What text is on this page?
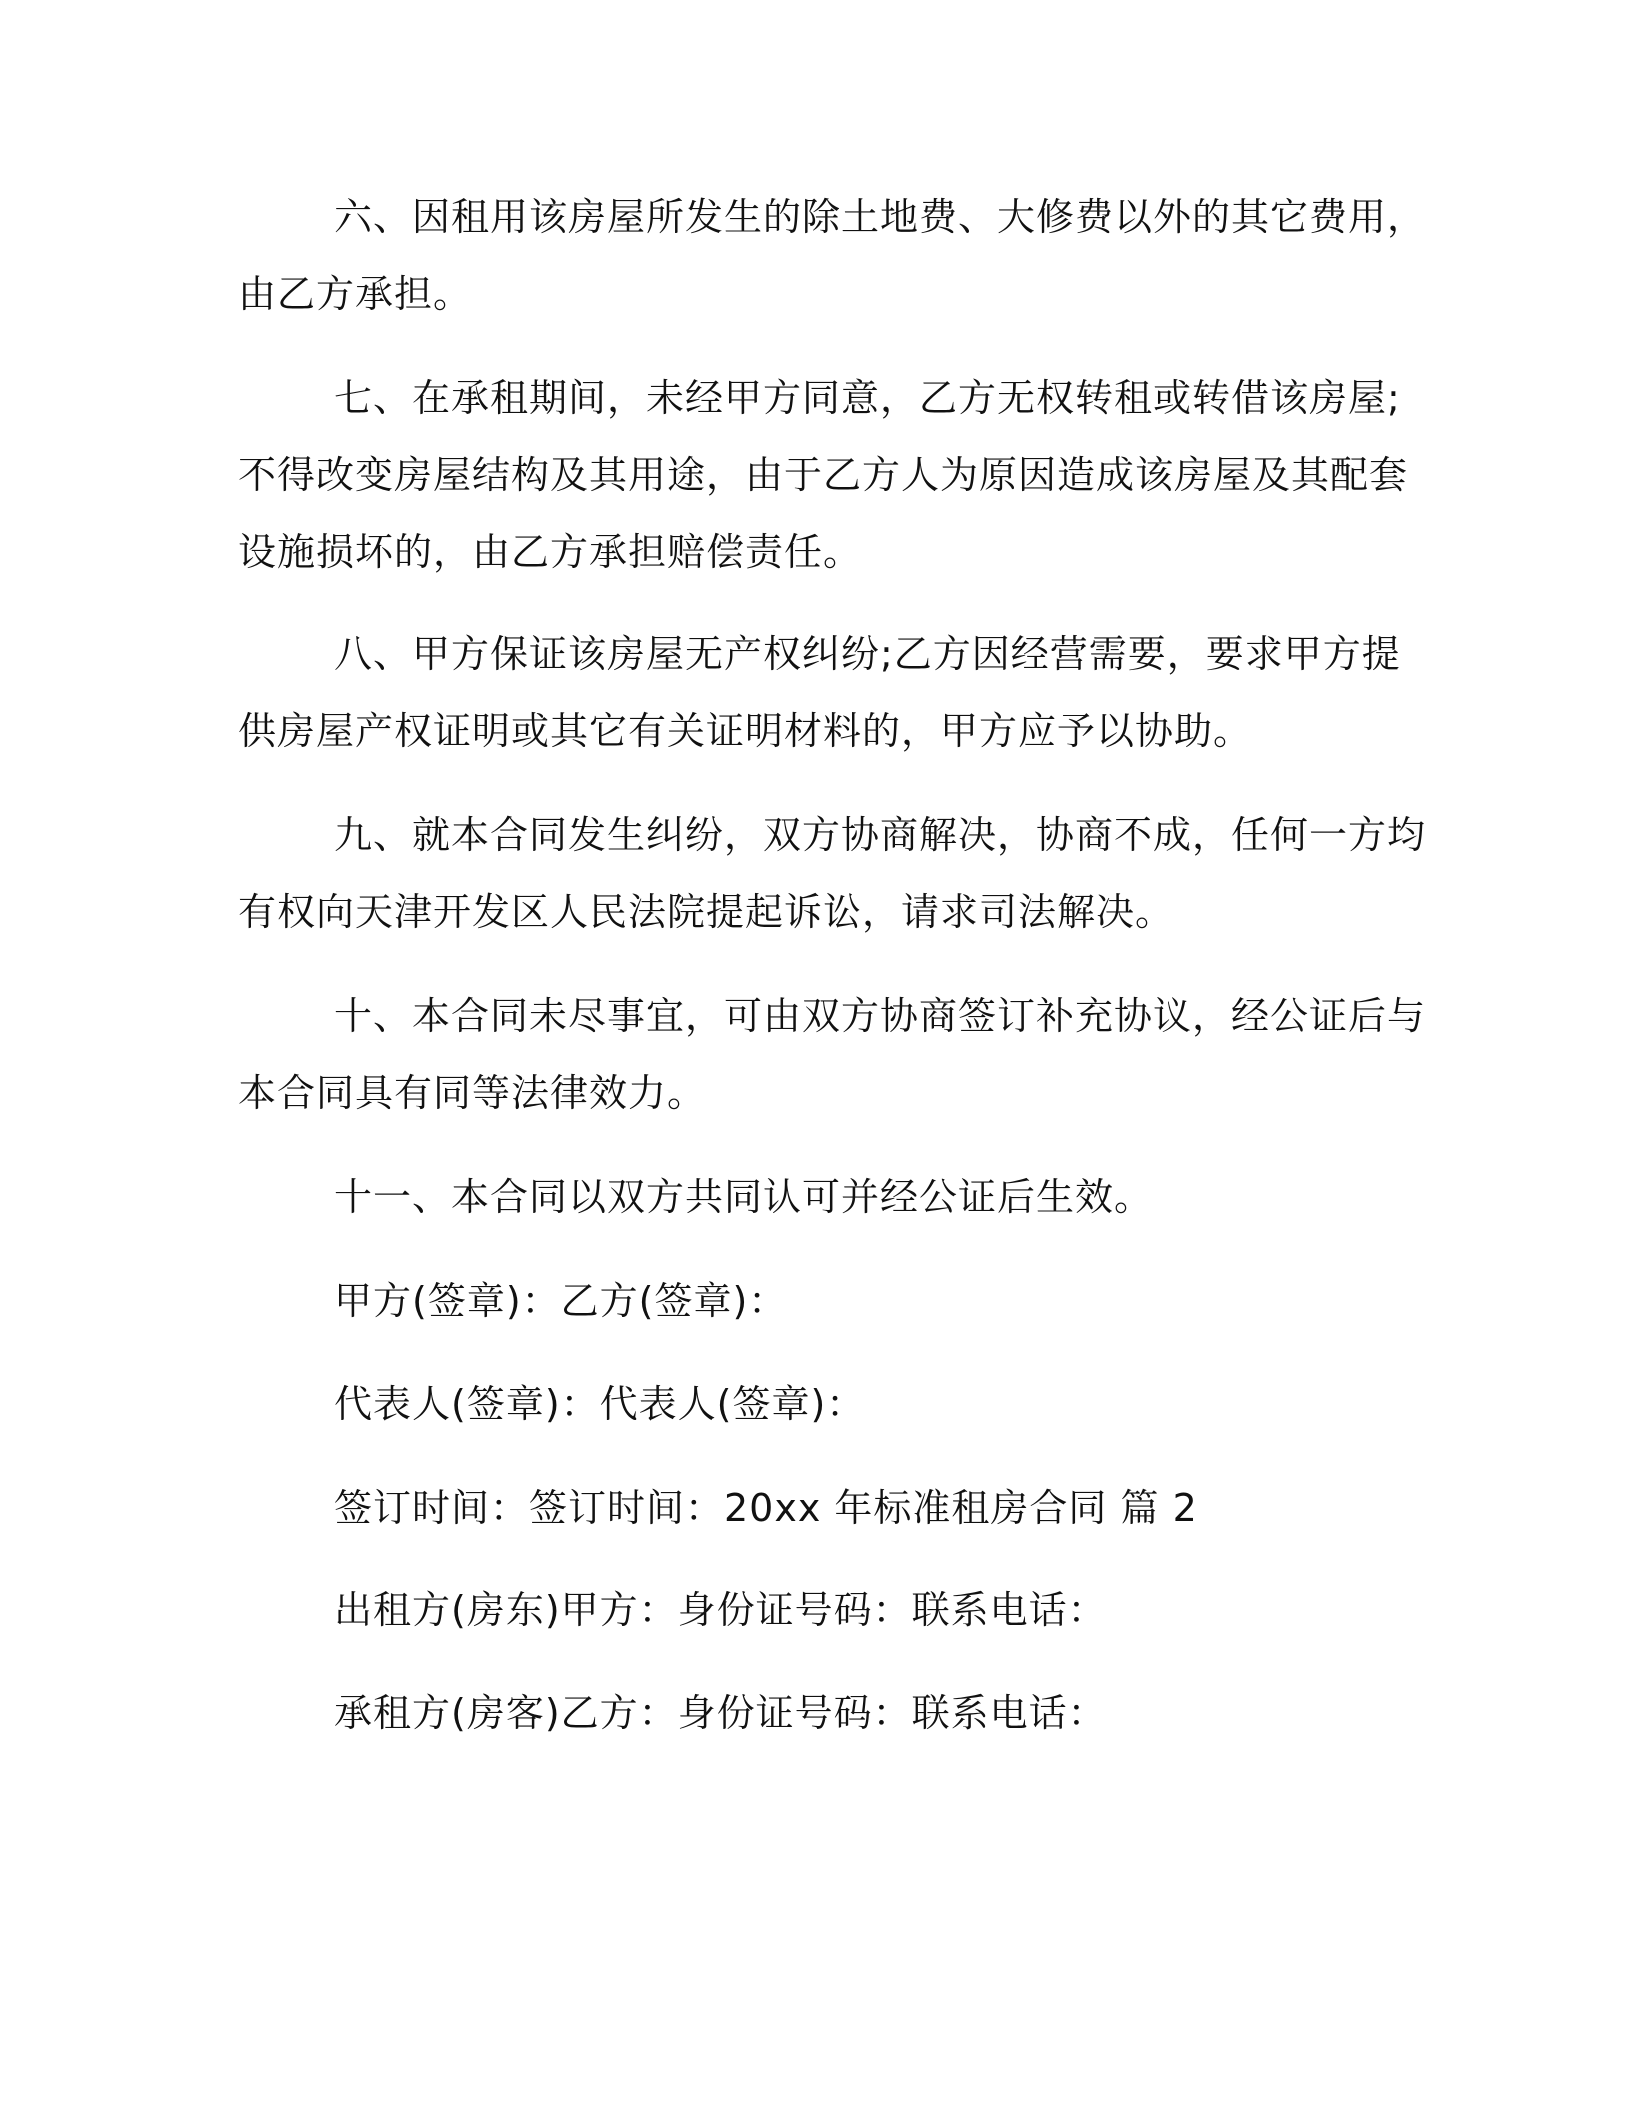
六、因租用该房屋所发生的除土地费、大修费以外的其它费用，

由乙方承担。

七、在承租期间，未经甲方同意，乙方无权转租或转借该房屋;

不得改变房屋结构及其用途，由于乙方人为原因造成该房屋及其配套

设施损坏的，由乙方承担赔偿责任。

八、甲方保证该房屋无产权纠纷;乙方因经营需要，要求甲方提

供房屋产权证明或其它有关证明材料的，甲方应予以协助。

九、就本合同发生纠纷，双方协商解决，协商不成，任何一方均

有权向天津开发区人民法院提起诉讼，请求司法解决。

十、本合同未尽事宜，可由双方协商签订补充协议，经公证后与

本合同具有同等法律效力。

十一、本合同以双方共同认可并经公证后生效。

甲方(签章)：乙方(签章)：

代表人(签章)：代表人(签章)：

签订时间：签订时间：20xx 年标准租房合同 篇 2

出租方(房东)甲方：身份证号码：联系电话：

承租方(房客)乙方：身份证号码：联系电话：
